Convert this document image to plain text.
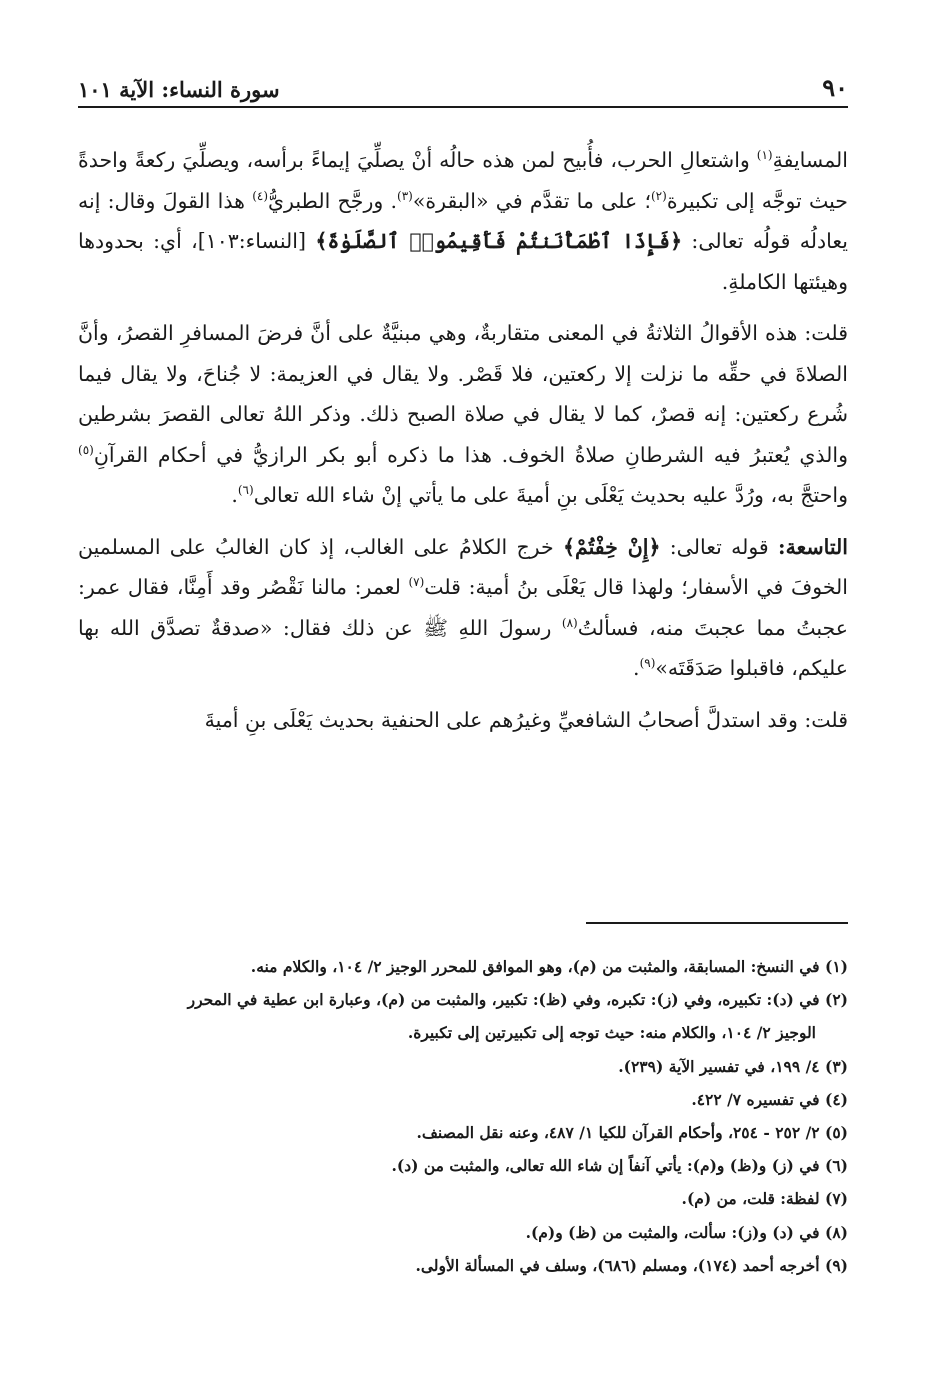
٩٠
سورة النساء: الآية ١٠١

المسايفةِ$^{(١)}$ واشتعالِ الحرب، فأُبيح لمن هذه حالُه أنْ يصلِّيَ إيماءً برأسه، ويصلِّيَ ركعةً واحدةً حيث توجَّه إلى تكبيرة$^{(٢)}$؛ على ما تقدَّم في «البقرة»$^{(٣)}$. ورجَّح الطبريُّ$^{(٤)}$ هذا القولَ وقال: إنه يعادلُه قولُه تعالى: ﴿فَإِذَا ٱطْمَأْنَنتُمْ فَأَقِيمُوا۟ ٱلصَّلَوٰةَ﴾ [النساء:١٠٣]، أي: بحدودها وهيئتها الكاملةِ.

قلت: هذه الأقوالُ الثلاثةُ في المعنى متقاربةٌ، وهي مبنيَّةٌ على أنَّ فرضَ المسافرِ القصرُ، وأنَّ الصلاةَ في حقِّه ما نزلت إلا ركعتين، فلا قَصْر. ولا يقال في العزيمة: لا جُناحَ، ولا يقال فيما شُرع ركعتين: إنه قصرٌ، كما لا يقال في صلاة الصبح ذلك. وذكر اللهُ تعالى القصرَ بشرطين والذي يُعتبرُ فيه الشرطانِ صلاةُ الخوف. هذا ما ذكره أبو بكر الرازيُّ في أحكام القرآنِ$^{(٥)}$ واحتجَّ به، ورُدَّ عليه بحديث يَعْلَى بنِ أميةَ على ما يأتي إنْ شاء الله تعالى$^{(٦)}$.

التاسعة: قوله تعالى: ﴿إِنْ خِفْتُمْ﴾ خرج الكلامُ على الغالب، إذ كان الغالبُ على المسلمين الخوفَ في الأسفار؛ ولهذا قال يَعْلَى بنُ أمية: قلت$^{(٧)}$ لعمر: مالنا نَقْصُر وقد أَمِنَّا، فقال عمر: عجبتُ مما عجبتَ منه، فسألتُ$^{(٨)}$ رسولَ اللهِ ﷺ عن ذلك فقال: «صدقةٌ تصدَّق الله بها عليكم، فاقبلوا صَدَقَتَه»$^{(٩)}$.

قلت: وقد استدلَّ أصحابُ الشافعيِّ وغيرُهم على الحنفية بحديث يَعْلَى بنِ أميةَ

(١) في النسخ: المسابقة، والمثبت من (م)، وهو الموافق للمحرر الوجيز ٢/ ١٠٤، والكلام منه.
(٢) في (د): تكبيره، وفي (ز): تكبره، وفي (ظ): تكبير، والمثبت من (م)، وعبارة ابن عطية في المحرر
الوجيز ٢/ ١٠٤، والكلام منه: حيث توجه إلى تكبيرتين إلى تكبيرة.
(٣) ٤/ ١٩٩، في تفسير الآية (٢٣٩).
(٤) في تفسيره ٧/ ٤٢٢.
(٥) ٢/ ٢٥٢ - ٢٥٤، وأحكام القرآن للكيا ١/ ٤٨٧، وعنه نقل المصنف.
(٦) في (ز) و(ظ) و(م): يأتي آنفاً إن شاء الله تعالى، والمثبت من (د).
(٧) لفظة: قلت، من (م).
(٨) في (د) و(ز): سألت، والمثبت من (ظ) و(م).
(٩) أخرجه أحمد (١٧٤)، ومسلم (٦٨٦)، وسلف في المسألة الأولى.
